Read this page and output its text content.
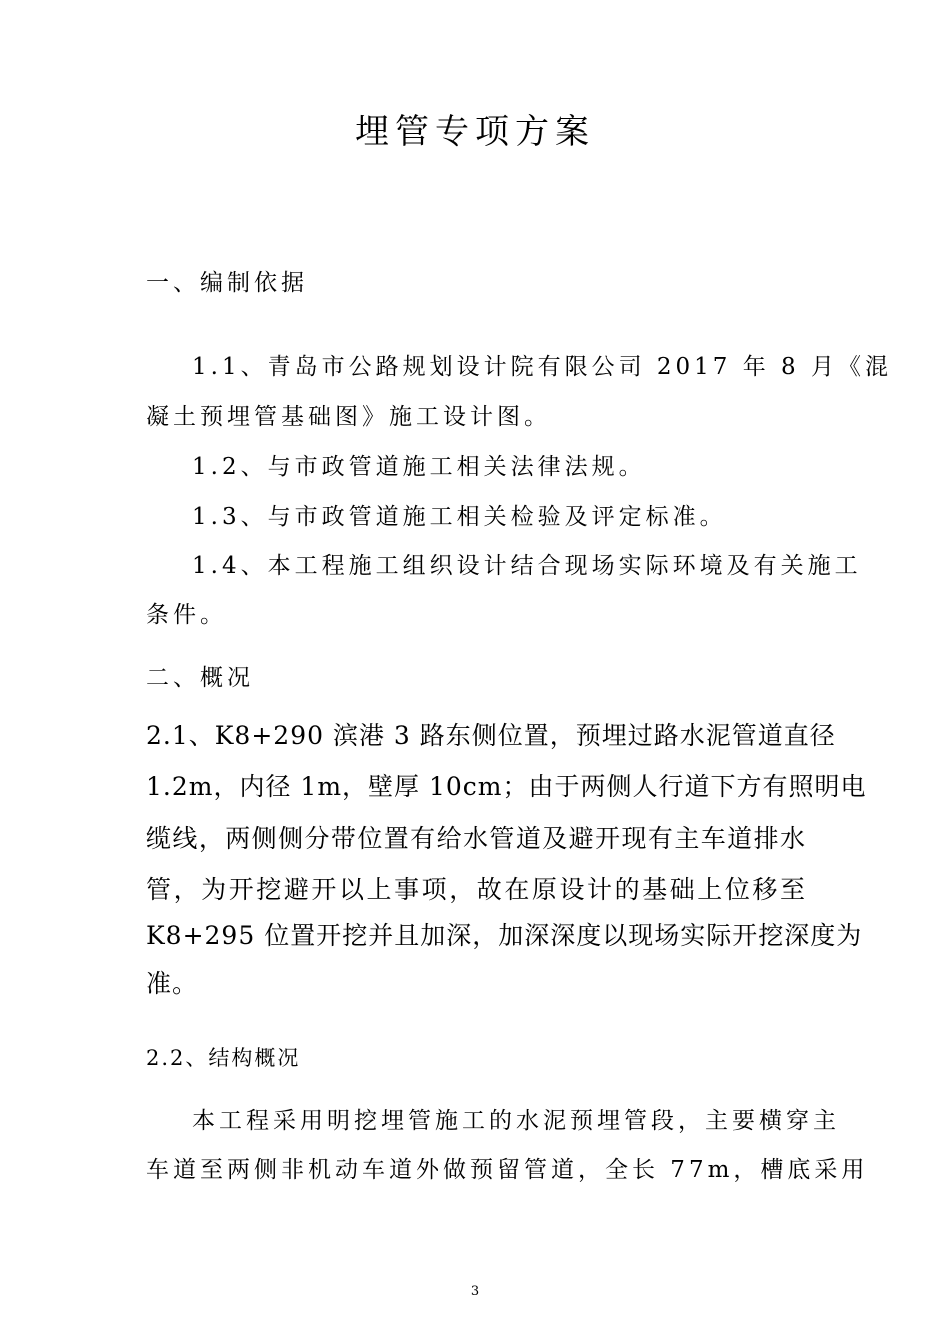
埋管专项方案
一、编制依据
1.1、青岛市公路规划设计院有限公司 2017 年 8 月《混
凝土预埋管基础图》施工设计图。
1.2、与市政管道施工相关法律法规。
1.3、与市政管道施工相关检验及评定标准。
1.4、本工程施工组织设计结合现场实际环境及有关施工
条件。
二、概况
2.1、K8+290 滨港 3 路东侧位置，预埋过路水泥管道直径
1.2m，内径 1m，壁厚 10cm；由于两侧人行道下方有照明电
缆线，两侧侧分带位置有给水管道及避开现有主车道排水
管，为开挖避开以上事项，故在原设计的基础上位移至
K8+295 位置开挖并且加深，加深深度以现场实际开挖深度为
准。
2.2、结构概况
本工程采用明挖埋管施工的水泥预埋管段，主要横穿主
车道至两侧非机动车道外做预留管道，全长 77m，槽底采用
3
